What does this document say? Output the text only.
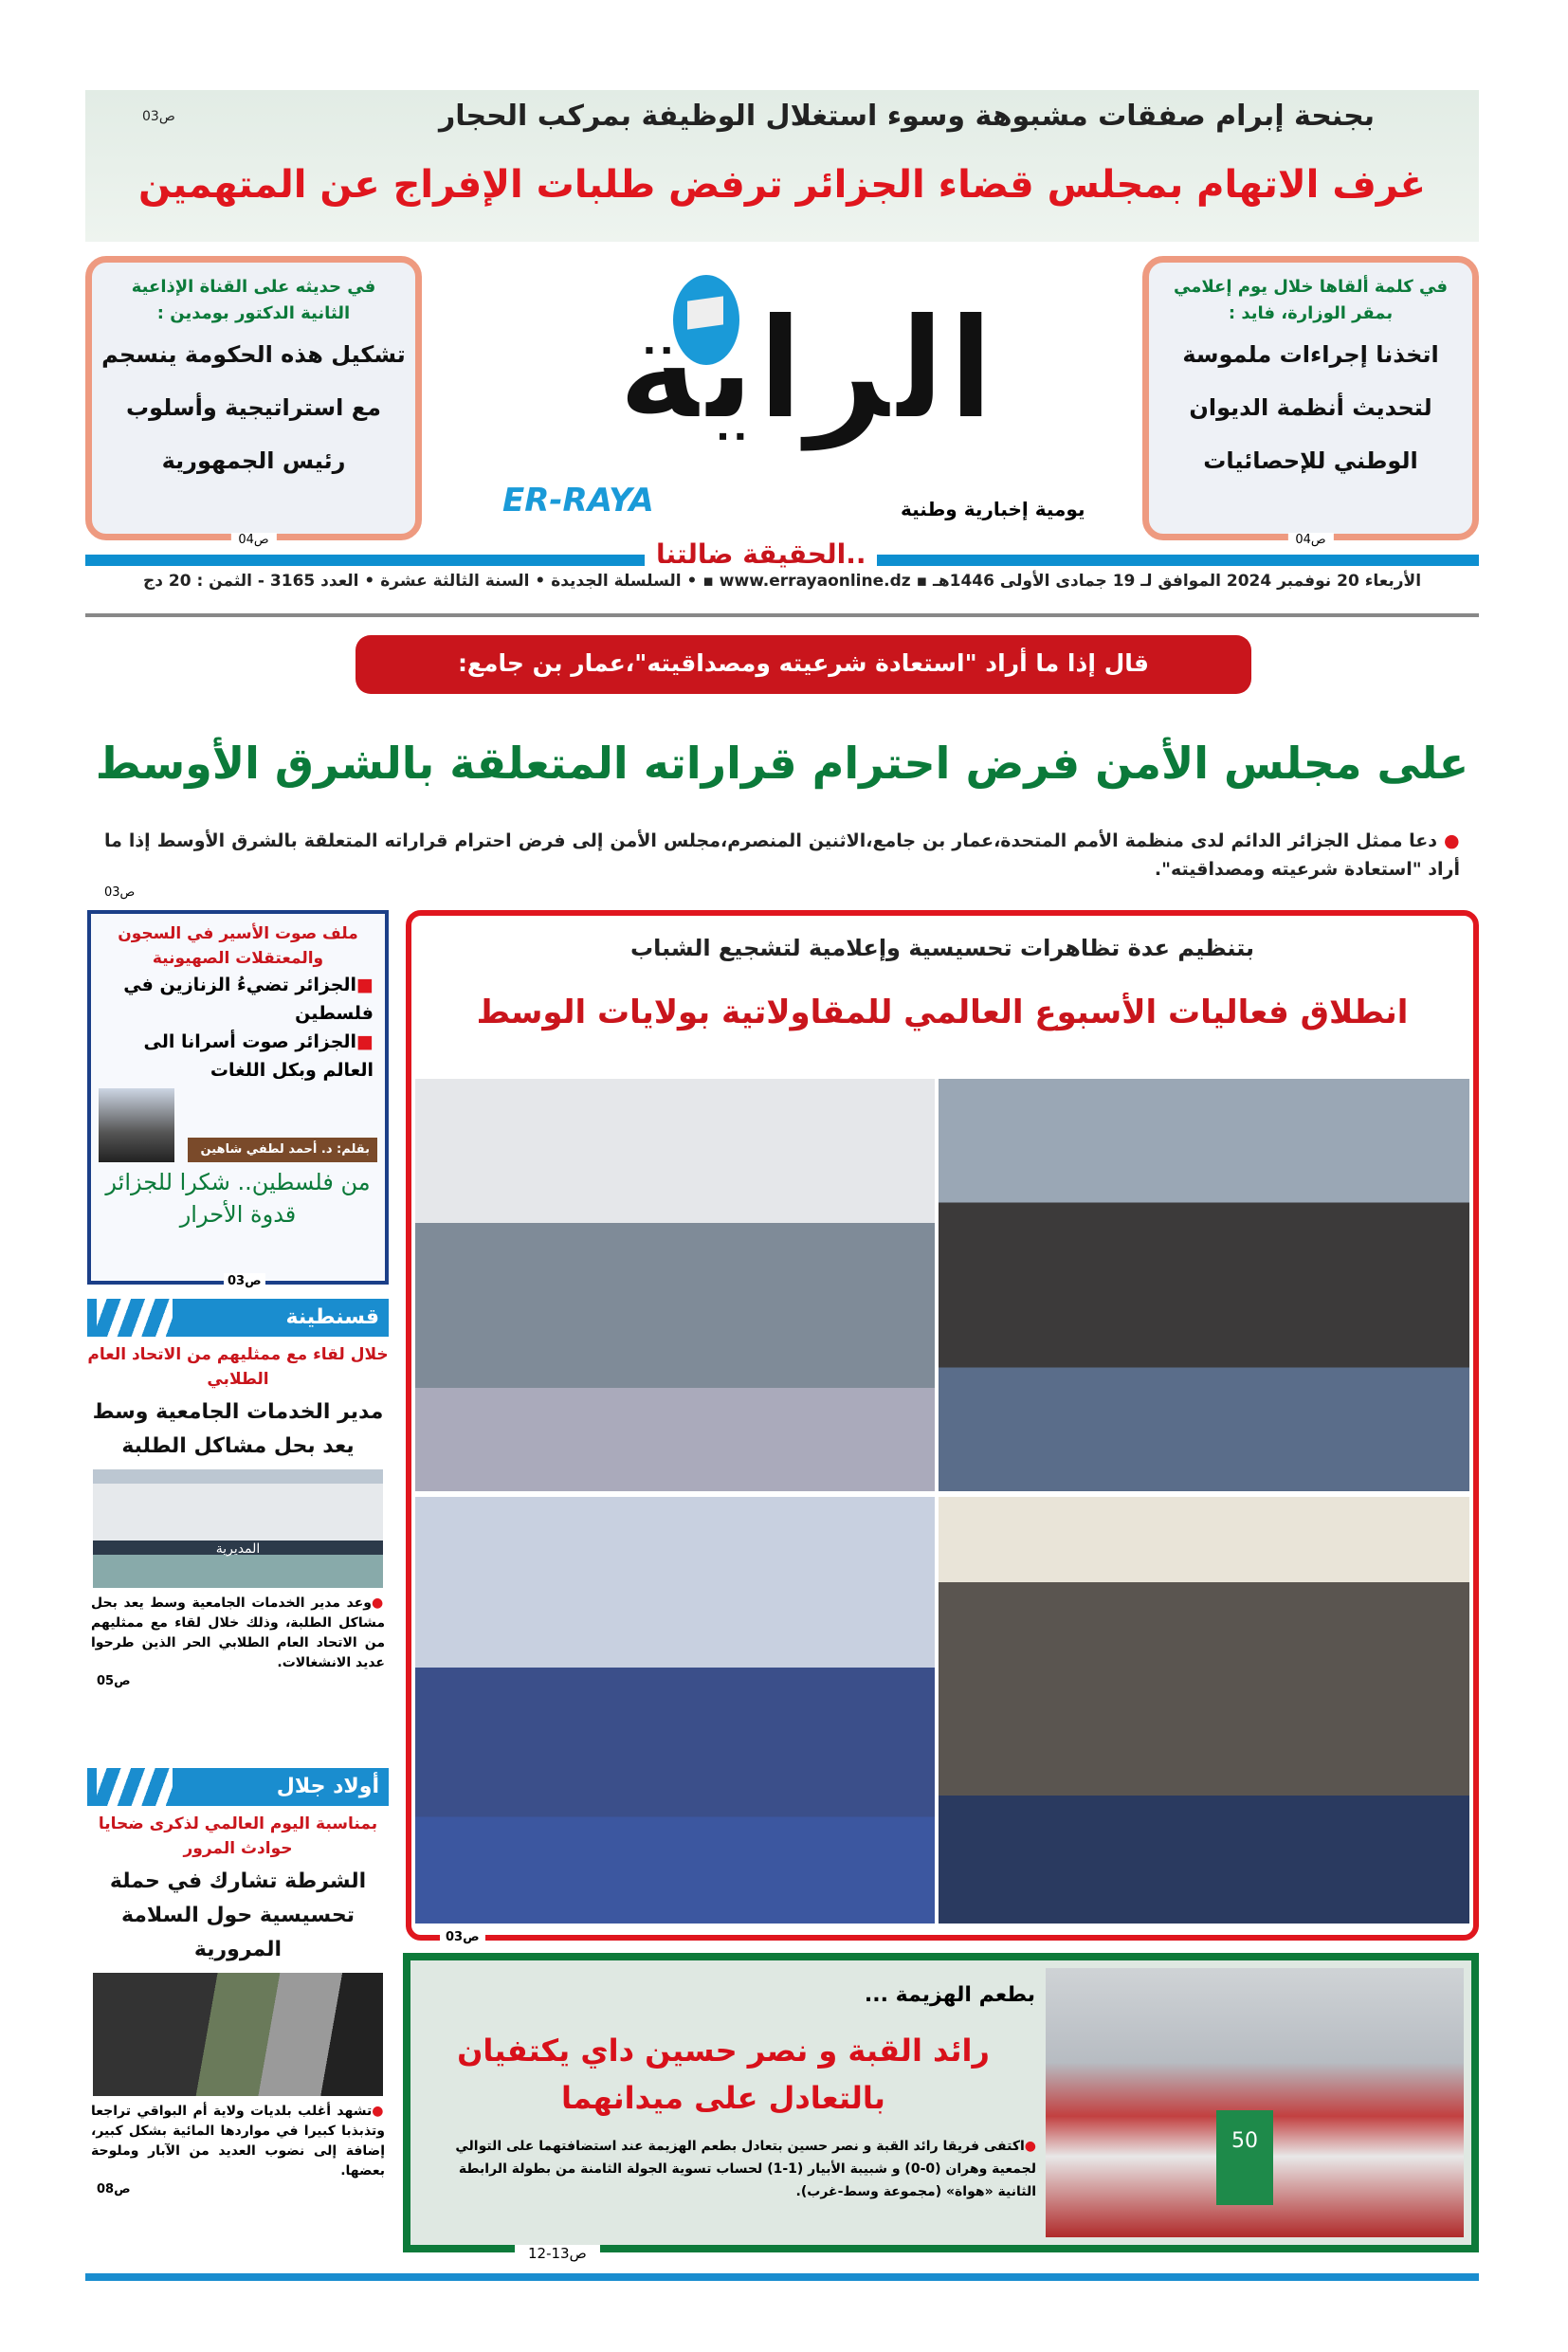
بجنحة إبرام صفقات مشبوهة وسوء استغلال الوظيفة بمركب الحجار
ص03
غرف الاتهام بمجلس قضاء الجزائر ترفض طلبات الإفراج عن المتهمين
في كلمة ألقاها خلال يوم إعلامي بمقر الوزارة، فايد :
اتخذنا إجراءات ملموسة
لتحديث أنظمة الديوان
الوطني للإحصائيات
ص04
في حديثه على القناة الإذاعية الثانية الدكتور بومدين :
تشكيل هذه الحكومة ينسجم
مع استراتيجية وأسلوب
رئيس الجمهورية
ص04
الراية
ER-RAYA	يومية إخبارية وطنية
..الحقيقة ضالتنا
الأربعاء 20 نوفمبر 2024 الموافق لـ 19 جمادى الأولى 1446هـ ▪ www.errayaonline.dz ▪ • السلسلة الجديدة • السنة الثالثة عشرة • العدد 3165 - الثمن : 20 دج
قال إذا ما أراد "استعادة شرعيته ومصداقيته"،عمار بن جامع:
على مجلس الأمن فرض احترام قراراته المتعلقة بالشرق الأوسط
● دعا ممثل الجزائر الدائم لدى منظمة الأمم المتحدة،عمار بن جامع،الاثنين المنصرم،مجلس الأمن إلى فرض احترام قراراته المتعلقة بالشرق الأوسط إذا ما أراد "استعادة شرعيته ومصداقيته".
ص03
ملف صوت الأسير في السجون والمعتقلات الصهيونية
■الجزائر تضيءُ الزنازين في فلسطين
■الجزائر صوت أسرانا الى العالم وبكل اللغات
بقلم: د. أحمد لطفي شاهين
من فلسطين.. شكرا للجزائر قدوة الأحرار
ص03
قسنطينة
خلال لقاء مع ممثليهم من الاتحاد العام الطلابي
مدير الخدمات الجامعية وسط يعد بحل مشاكل الطلبة
المديرية
●وعد مدير الخدمات الجامعية وسط يعد بحل مشاكل الطلبة، وذلك خلال لقاء مع ممثليهم من الاتحاد العام الطلابي الحر الذين طرحوا عديد الانشغالات.
ص05
أولاد جلال
بمناسبة اليوم العالمي لذكرى ضحايا حوادث المرور
الشرطة تشارك في حملة تحسيسية حول السلامة المرورية
●تشهد أغلب بلديات ولاية أم البواقي تراجعا وتذبذبا كبيرا في مواردها المائية بشكل كبير، إضافة إلى نضوب العديد من الآبار وملوحة بعضها.
ص08
بتنظيم عدة تظاهرات تحسيسية وإعلامية لتشجيع الشباب
انطلاق فعاليات الأسبوع العالمي للمقاولاتية بولايات الوسط
ص03
50
بطعم الهزيمة ...
رائد القبة و نصر حسين داي يكتفيان بالتعادل على ميدانهما
●اكتفى فريقا رائد القبة و نصر حسين بتعادل بطعم الهزيمة عند استضافتهما على التوالي لجمعية وهران (0-0) و شبيبة الأبيار (1-1) لحساب تسوية الجولة الثامنة من بطولة الرابطة الثانية «هواة» (مجموعة وسط-غرب).
ص13-12
